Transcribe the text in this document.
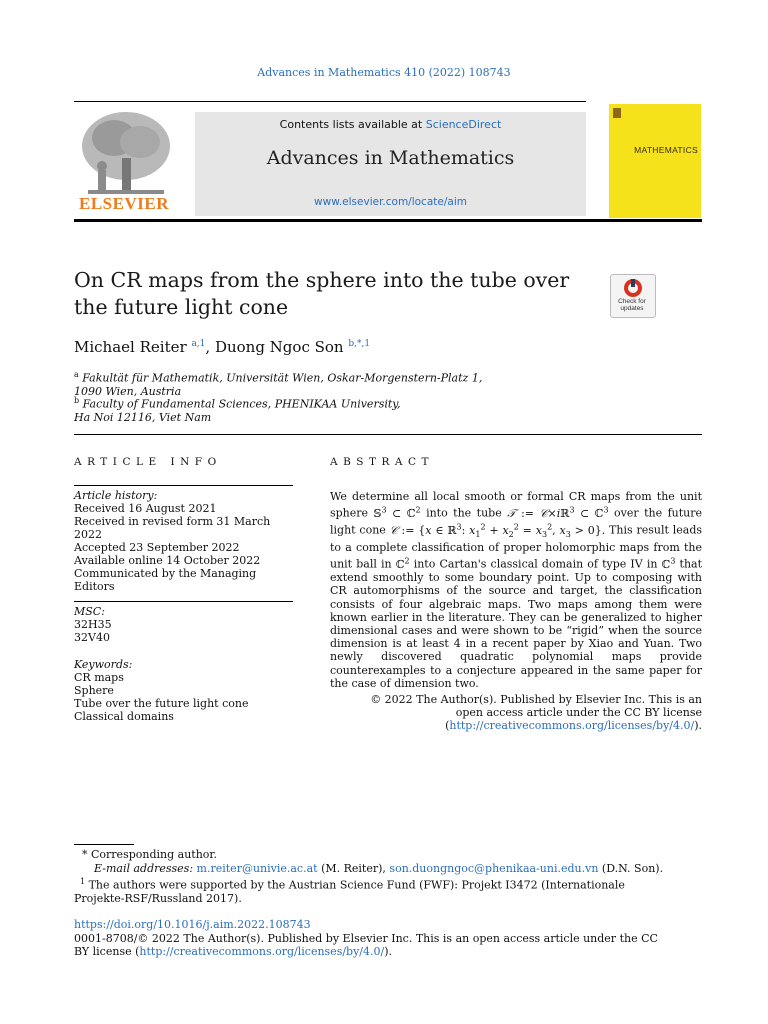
Advances in Mathematics 410 (2022) 108743
ELSEVIER
Contents lists available at ScienceDirect
Advances in Mathematics
www.elsevier.com/locate/aim
MATHEMATICS
On CR maps from the sphere into the tube over
the future light cone	Check for updates
Michael Reiter $^{a,1}$, Duong Ngoc Son $^{b,*,1}$
$^a$ Fakultät für Mathematik, Universität Wien, Oskar-Morgenstern-Platz 1,
1090 Wien, Austria
$^b$ Faculty of Fundamental Sciences, PHENIKAA University,
Ha Noi 12116, Viet Nam
ARTICLE INFO	ABSTRACT
Article history:
Received 16 August 2021
Received in revised form 31 March
2022
Accepted 23 September 2022
Available online 14 October 2022
Communicated by the Managing
Editors
MSC:
32H35
32V40
Keywords:
CR maps
Sphere
Tube over the future light cone
Classical domains
We determine all local smooth or formal CR maps from the unit sphere 𝕊$^3$ ⊂ ℂ$^2$ into the tube 𝒯 := 𝒞×iℝ$^3$ ⊂ ℂ$^3$ over the future light cone 𝒞 := {x ∈ ℝ$^3$: $x_1^2 + x_2^2 = x_3^2$, $x_3 > 0$}. This result leads to a complete classification of proper holomorphic maps from the unit ball in ℂ$^2$ into Cartan's classical domain of type IV in ℂ$^3$ that extend smoothly to some boundary point. Up to composing with CR automorphisms of the source and target, the classification consists of four algebraic maps. Two maps among them were known earlier in the literature. They can be generalized to higher dimensional cases and were shown to be “rigid” when the source dimension is at least 4 in a recent paper by Xiao and Yuan. Two newly discovered quadratic polynomial maps provide counterexamples to a conjecture appeared in the same paper for the case of dimension two.
© 2022 The Author(s). Published by Elsevier Inc. This is an
open access article under the CC BY license
(http://creativecommons.org/licenses/by/4.0/).
* Corresponding author.
E-mail addresses: m.reiter@univie.ac.at (M. Reiter), son.duongngoc@phenikaa-uni.edu.vn (D.N. Son).
$^1$ The authors were supported by the Austrian Science Fund (FWF): Projekt I3472 (Internationale
Projekte-RSF/Russland 2017).
https://doi.org/10.1016/j.aim.2022.108743
0001-8708/© 2022 The Author(s). Published by Elsevier Inc. This is an open access article under the CC
BY license (http://creativecommons.org/licenses/by/4.0/).
